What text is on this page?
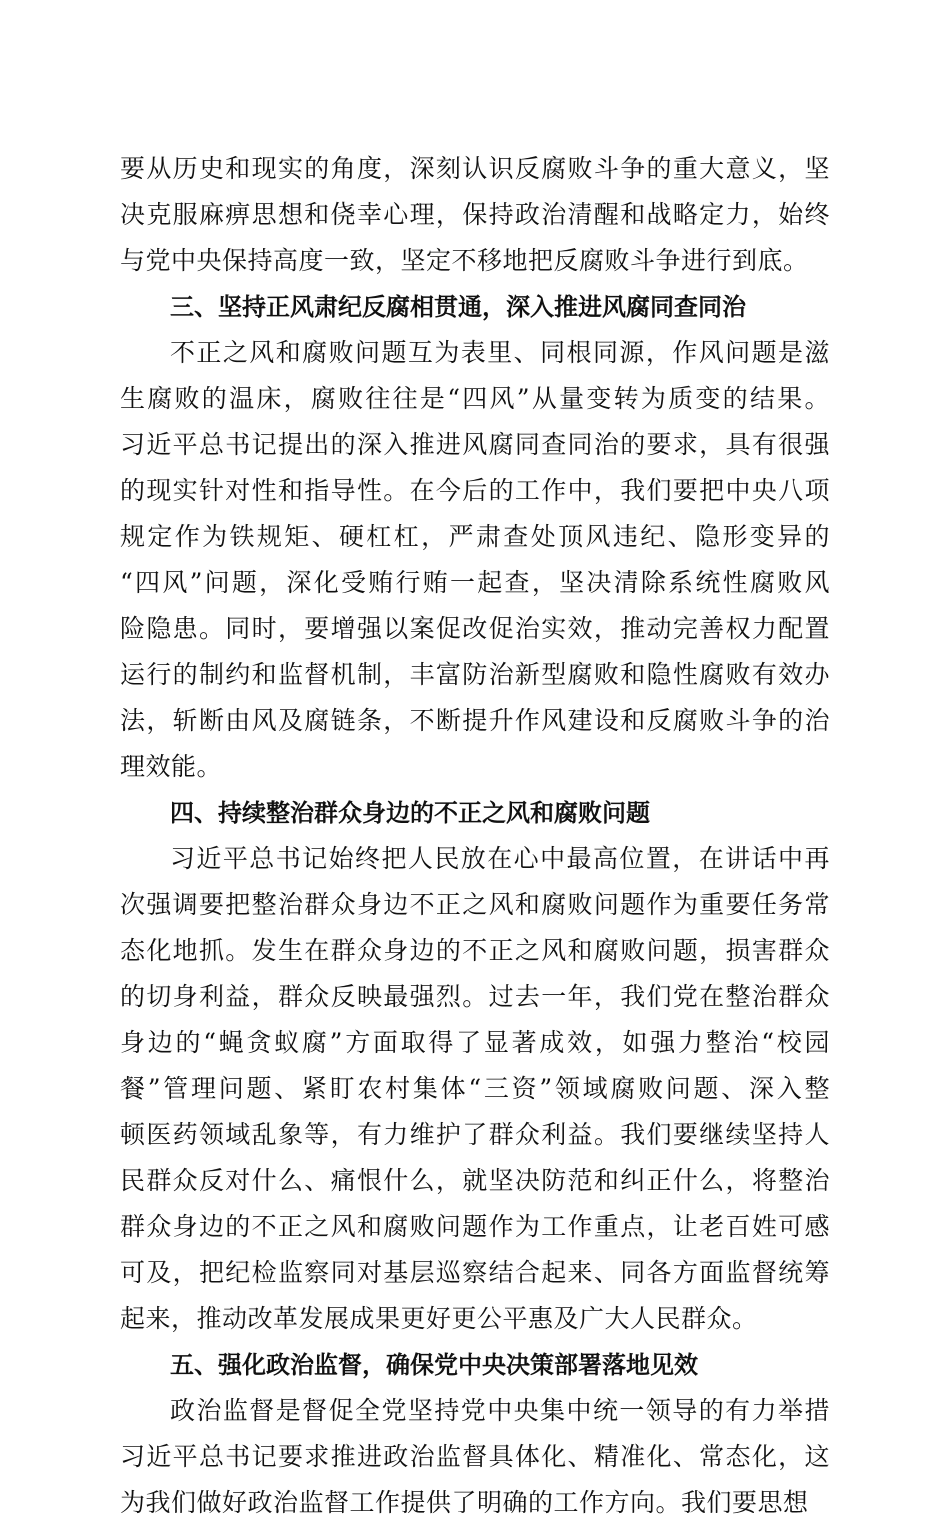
要从历史和现实的角度，深刻认识反腐败斗争的重大意义，坚
决克服麻痹思想和侥幸心理，保持政治清醒和战略定力，始终
与党中央保持高度一致，坚定不移地把反腐败斗争进行到底。
三、坚持正风肃纪反腐相贯通，深入推进风腐同查同治
不正之风和腐败问题互为表里、同根同源，作风问题是滋
生腐败的温床，腐败往往是“四风”从量变转为质变的结果。
习近平总书记提出的深入推进风腐同查同治的要求，具有很强
的现实针对性和指导性。在今后的工作中，我们要把中央八项
规定作为铁规矩、硬杠杠，严肃查处顶风违纪、隐形变异的
“四风”问题，深化受贿行贿一起查，坚决清除系统性腐败风
险隐患。同时，要增强以案促改促治实效，推动完善权力配置
运行的制约和监督机制，丰富防治新型腐败和隐性腐败有效办
法，斩断由风及腐链条，不断提升作风建设和反腐败斗争的治
理效能。
四、持续整治群众身边的不正之风和腐败问题
习近平总书记始终把人民放在心中最高位置，在讲话中再
次强调要把整治群众身边不正之风和腐败问题作为重要任务常
态化地抓。发生在群众身边的不正之风和腐败问题，损害群众
的切身利益，群众反映最强烈。过去一年，我们党在整治群众
身边的“蝇贪蚁腐”方面取得了显著成效，如强力整治“校园
餐”管理问题、紧盯农村集体“三资”领域腐败问题、深入整
顿医药领域乱象等，有力维护了群众利益。我们要继续坚持人
民群众反对什么、痛恨什么，就坚决防范和纠正什么，将整治
群众身边的不正之风和腐败问题作为工作重点，让老百姓可感
可及，把纪检监察同对基层巡察结合起来、同各方面监督统筹
起来，推动改革发展成果更好更公平惠及广大人民群众。
五、强化政治监督，确保党中央决策部署落地见效
政治监督是督促全党坚持党中央集中统一领导的有力举措
习近平总书记要求推进政治监督具体化、精准化、常态化，这
为我们做好政治监督工作提供了明确的工作方向。我们要思想
